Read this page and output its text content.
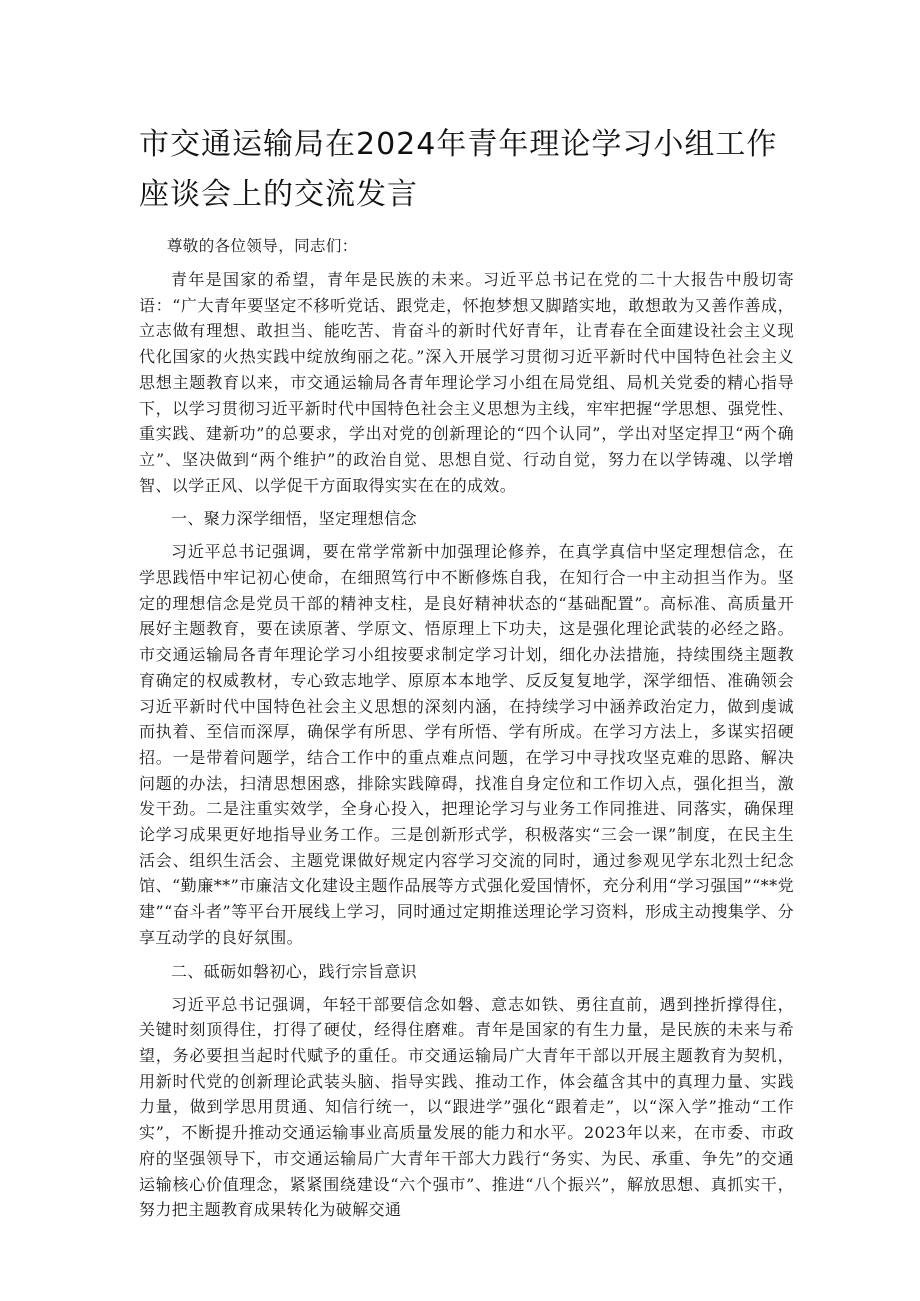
市交通运输局在2024年青年理论学习小组工作座谈会上的交流发言

尊敬的各位领导，同志们：

青年是国家的希望，青年是民族的未来。习近平总书记在党的二十大报告中殷切寄语：“广大青年要坚定不移听党话、跟党走，怀抱梦想又脚踏实地，敢想敢为又善作善成，立志做有理想、敢担当、能吃苦、肯奋斗的新时代好青年，让青春在全面建设社会主义现代化国家的火热实践中绽放绚丽之花。”深入开展学习贯彻习近平新时代中国特色社会主义思想主题教育以来，市交通运输局各青年理论学习小组在局党组、局机关党委的精心指导下，以学习贯彻习近平新时代中国特色社会主义思想为主线，牢牢把握“学思想、强党性、重实践、建新功”的总要求，学出对党的创新理论的“四个认同”，学出对坚定捍卫“两个确立”、坚决做到“两个维护”的政治自觉、思想自觉、行动自觉，努力在以学铸魂、以学增智、以学正风、以学促干方面取得实实在在的成效。

一、聚力深学细悟，坚定理想信念

习近平总书记强调，要在常学常新中加强理论修养，在真学真信中坚定理想信念，在学思践悟中牢记初心使命，在细照笃行中不断修炼自我，在知行合一中主动担当作为。坚定的理想信念是党员干部的精神支柱，是良好精神状态的“基础配置”。高标准、高质量开展好主题教育，要在读原著、学原文、悟原理上下功夫，这是强化理论武装的必经之路。市交通运输局各青年理论学习小组按要求制定学习计划，细化办法措施，持续围绕主题教育确定的权威教材，专心致志地学、原原本本地学、反反复复地学，深学细悟、准确领会习近平新时代中国特色社会主义思想的深刻内涵，在持续学习中涵养政治定力，做到虔诚而执着、至信而深厚，确保学有所思、学有所悟、学有所成。在学习方法上，多谋实招硬招。一是带着问题学，结合工作中的重点难点问题，在学习中寻找攻坚克难的思路、解决问题的办法，扫清思想困惑，排除实践障碍，找准自身定位和工作切入点，强化担当，激发干劲。二是注重实效学，全身心投入，把理论学习与业务工作同推进、同落实，确保理论学习成果更好地指导业务工作。三是创新形式学，积极落实“三会一课”制度，在民主生活会、组织生活会、主题党课做好规定内容学习交流的同时，通过参观见学东北烈士纪念馆、“勤廉**”市廉洁文化建设主题作品展等方式强化爱国情怀，充分利用“学习强国”“**党建”“奋斗者”等平台开展线上学习，同时通过定期推送理论学习资料，形成主动搜集学、分享互动学的良好氛围。

二、砥砺如磐初心，践行宗旨意识

习近平总书记强调，年轻干部要信念如磐、意志如铁、勇往直前，遇到挫折撑得住，关键时刻顶得住，打得了硬仗，经得住磨难。青年是国家的有生力量，是民族的未来与希望，务必要担当起时代赋予的重任。市交通运输局广大青年干部以开展主题教育为契机，用新时代党的创新理论武装头脑、指导实践、推动工作，体会蕴含其中的真理力量、实践力量，做到学思用贯通、知信行统一，以“跟进学”强化“跟着走”，以“深入学”推动“工作实”，不断提升推动交通运输事业高质量发展的能力和水平。2023年以来，在市委、市政府的坚强领导下，市交通运输局广大青年干部大力践行“务实、为民、承重、争先”的交通运输核心价值理念，紧紧围绕建设“六个强市”、推进“八个振兴”，解放思想、真抓实干，努力把主题教育成果转化为破解交通
